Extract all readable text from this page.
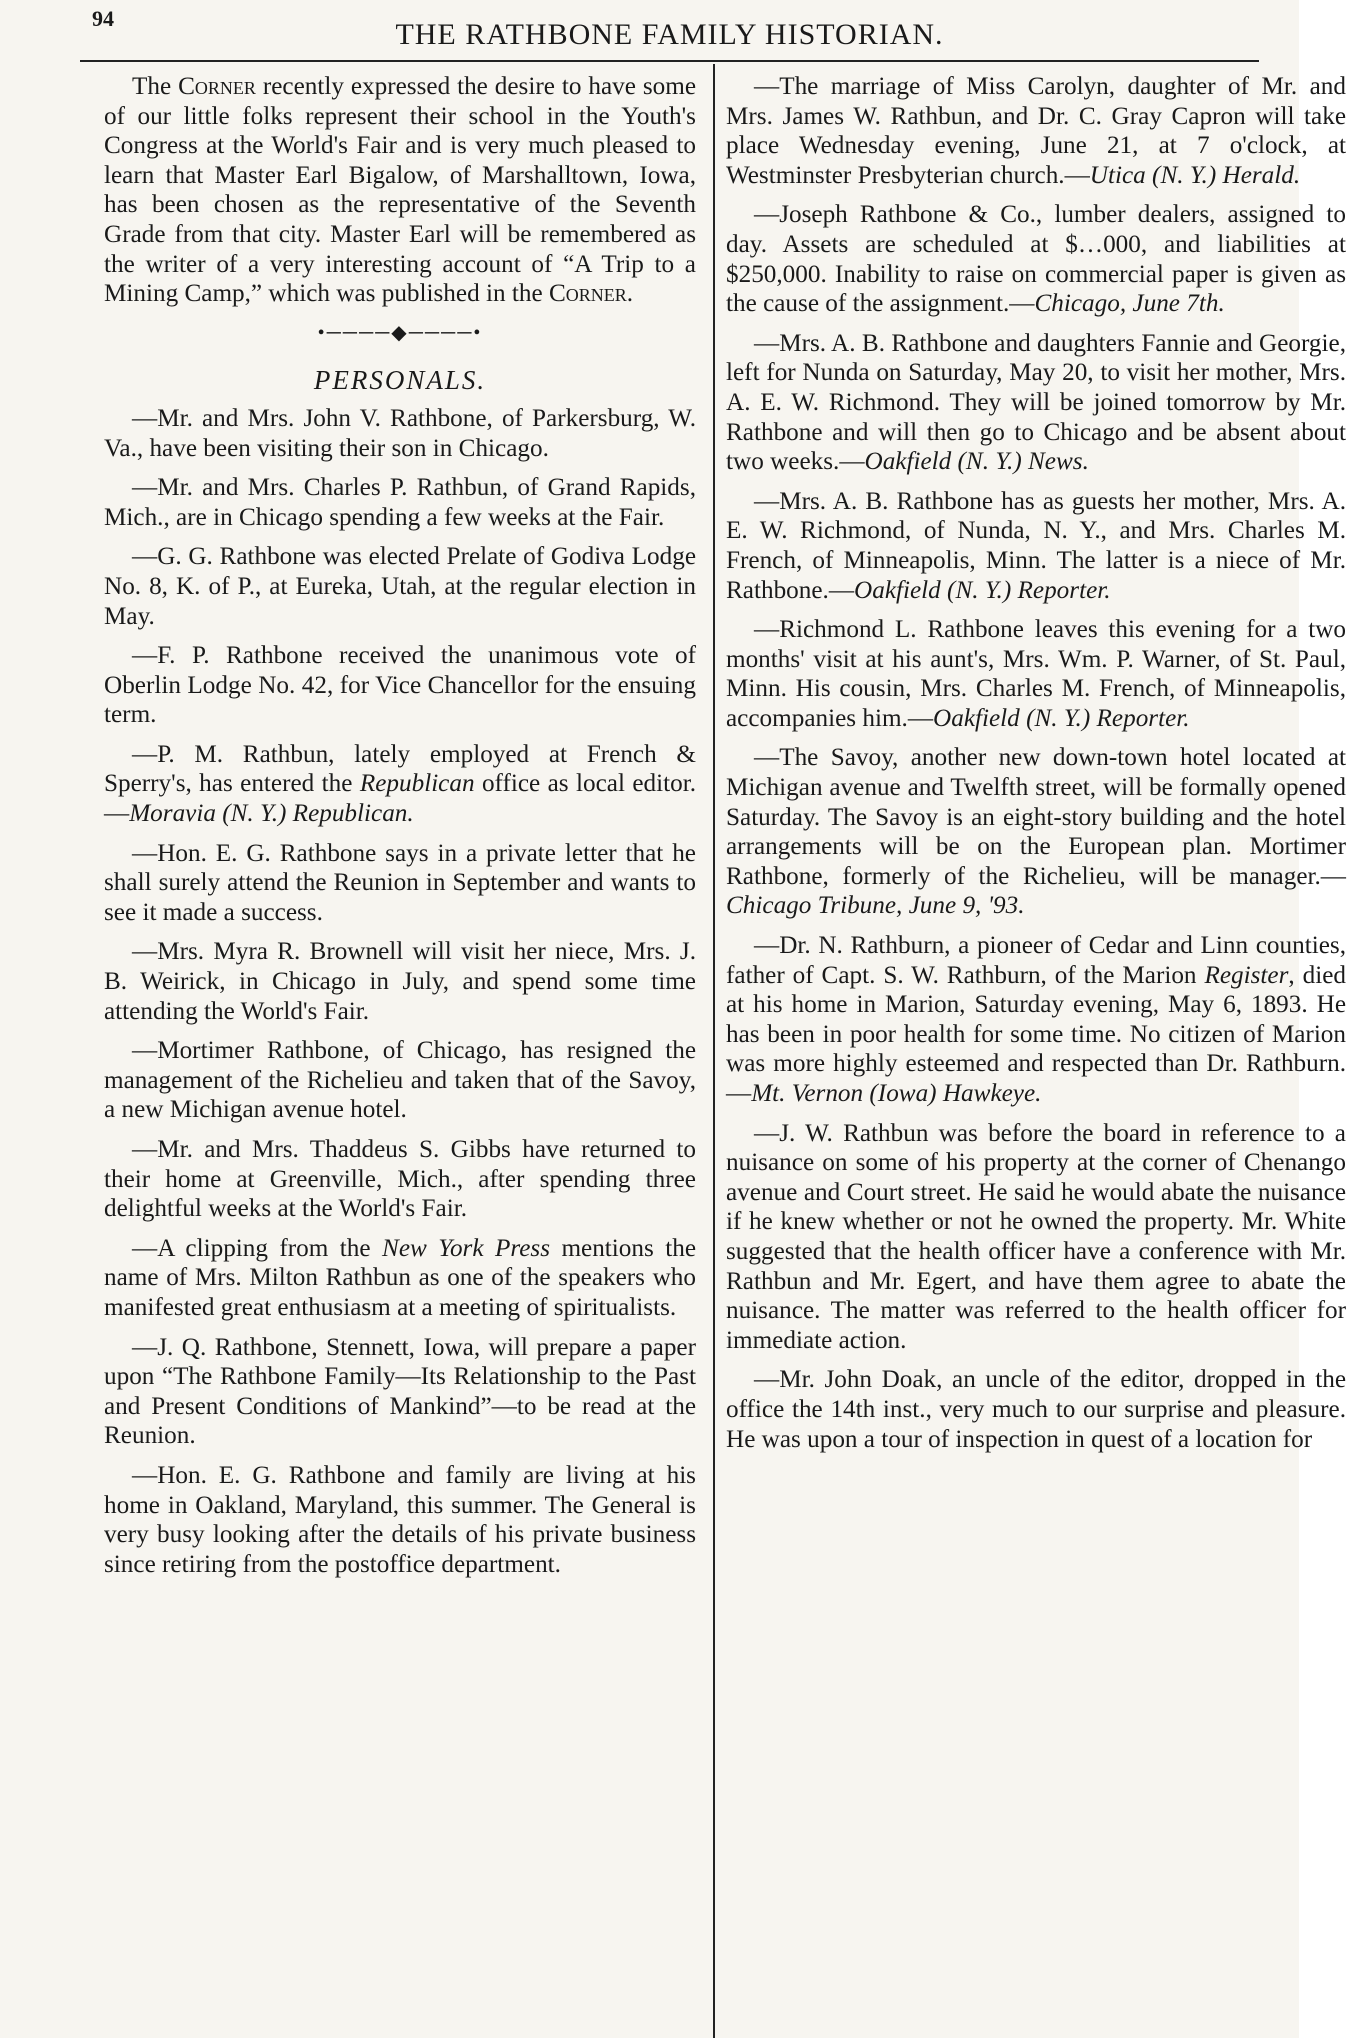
94	THE RATHBONE FAMILY HISTORIAN.

The Corner recently expressed the desire to have some of our little folks represent their school in the Youth's Congress at the World's Fair and is very much pleased to learn that Master Earl Bigalow, of Marshalltown, Iowa, has been chosen as the representative of the Seventh Grade from that city. Master Earl will be remembered as the writer of a very interesting account of “A Trip to a Mining Camp,” which was published in the Corner.

•────◆────•
PERSONALS.

—Mr. and Mrs. John V. Rathbone, of Parkersburg, W. Va., have been visiting their son in Chicago.

—Mr. and Mrs. Charles P. Rathbun, of Grand Rapids, Mich., are in Chicago spending a few weeks at the Fair.

—G. G. Rathbone was elected Prelate of Godiva Lodge No. 8, K. of P., at Eureka, Utah, at the regular election in May.

—F. P. Rathbone received the unanimous vote of Oberlin Lodge No. 42, for Vice Chancellor for the ensuing term.

—P. M. Rathbun, lately employed at French & Sperry's, has entered the Republican office as local editor.—Moravia (N. Y.) Republican.

—Hon. E. G. Rathbone says in a private letter that he shall surely attend the Reunion in September and wants to see it made a success.

—Mrs. Myra R. Brownell will visit her niece, Mrs. J. B. Weirick, in Chicago in July, and spend some time attending the World's Fair.

—Mortimer Rathbone, of Chicago, has resigned the management of the Richelieu and taken that of the Savoy, a new Michigan avenue hotel.

—Mr. and Mrs. Thaddeus S. Gibbs have returned to their home at Greenville, Mich., after spending three delightful weeks at the World's Fair.

—A clipping from the New York Press mentions the name of Mrs. Milton Rathbun as one of the speakers who manifested great enthusiasm at a meeting of spiritualists.

—J. Q. Rathbone, Stennett, Iowa, will prepare a paper upon “The Rathbone Family—Its Relationship to the Past and Present Conditions of Mankind”—to be read at the Reunion.

—Hon. E. G. Rathbone and family are living at his home in Oakland, Maryland, this summer. The General is very busy looking after the details of his private business since retiring from the postoffice department.

—The marriage of Miss Carolyn, daughter of Mr. and Mrs. James W. Rathbun, and Dr. C. Gray Capron will take place Wednesday evening, June 21, at 7 o'clock, at Westminster Presbyterian church.—Utica (N. Y.) Herald.

—Joseph Rathbone & Co., lumber dealers, assigned to day. Assets are scheduled at $…000, and liabilities at $250,000. Inability to raise on commercial paper is given as the cause of the assignment.—Chicago, June 7th.

—Mrs. A. B. Rathbone and daughters Fannie and Georgie, left for Nunda on Saturday, May 20, to visit her mother, Mrs. A. E. W. Richmond. They will be joined tomorrow by Mr. Rathbone and will then go to Chicago and be absent about two weeks.—Oakfield (N. Y.) News.

—Mrs. A. B. Rathbone has as guests her mother, Mrs. A. E. W. Richmond, of Nunda, N. Y., and Mrs. Charles M. French, of Minneapolis, Minn. The latter is a niece of Mr. Rathbone.—Oakfield (N. Y.) Reporter.

—Richmond L. Rathbone leaves this evening for a two months' visit at his aunt's, Mrs. Wm. P. Warner, of St. Paul, Minn. His cousin, Mrs. Charles M. French, of Minneapolis, accompanies him.—Oakfield (N. Y.) Reporter.

—The Savoy, another new down-town hotel located at Michigan avenue and Twelfth street, will be formally opened Saturday. The Savoy is an eight-story building and the hotel arrangements will be on the European plan. Mortimer Rathbone, formerly of the Richelieu, will be manager.—Chicago Tribune, June 9, '93.

—Dr. N. Rathburn, a pioneer of Cedar and Linn counties, father of Capt. S. W. Rathburn, of the Marion Register, died at his home in Marion, Saturday evening, May 6, 1893. He has been in poor health for some time. No citizen of Marion was more highly esteemed and respected than Dr. Rathburn.—Mt. Vernon (Iowa) Hawkeye.

—J. W. Rathbun was before the board in reference to a nuisance on some of his property at the corner of Chenango avenue and Court street. He said he would abate the nuisance if he knew whether or not he owned the property. Mr. White suggested that the health officer have a conference with Mr. Rathbun and Mr. Egert, and have them agree to abate the nuisance. The matter was referred to the health officer for immediate action.

—Mr. John Doak, an uncle of the editor, dropped in the office the 14th inst., very much to our surprise and pleasure. He was upon a tour of inspection in quest of a location for
